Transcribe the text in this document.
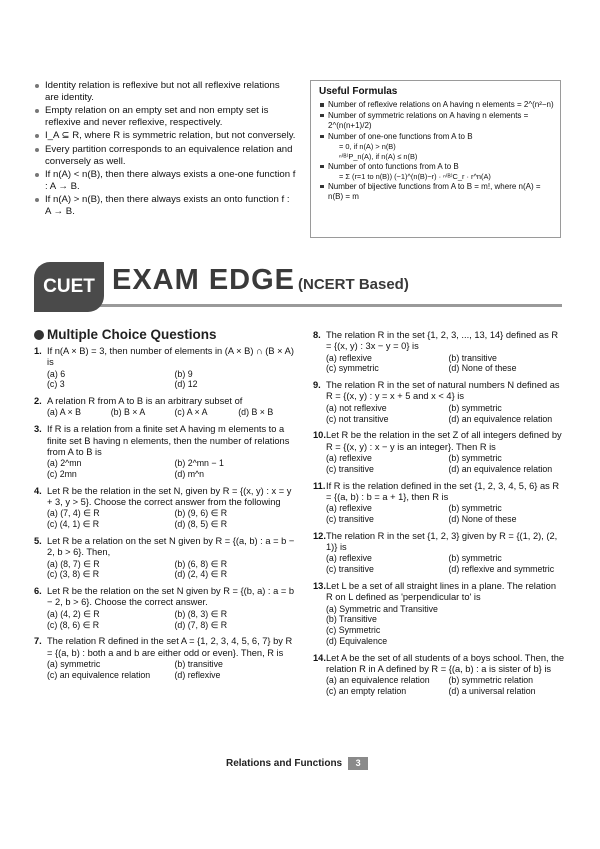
Identity relation is reflexive but not all reflexive relations are identity.
Empty relation on an empty set and non empty set is reflexive and never reflexive, respectively.
I_A ⊆ R, where R is symmetric relation, but not conversely.
Every partition corresponds to an equivalence relation and conversely as well.
If n(A) < n(B), then there always exists a one-one function f : A → B.
If n(A) > n(B), then there always exists an onto function f : A → B.
Useful Formulas
Number of reflexive relations on A having n elements = 2^(n²−n)
Number of symmetric relations on A having n elements = 2^(n(n+1)/2)
Number of one-one functions from A to B
= 0, if n(A) > n(B)
ⁿ⁽ᴮ⁾P_n(A), if n(A) ≤ n(B)
Number of onto functions from A to B
= Σ (r=1 to n(B)) (−1)^(n(B)−r) · ⁿ⁽ᴮ⁾C_r · r^n(A)
Number of bijective functions from A to B = m!, where n(A) = n(B) = m
CUET EXAM EDGE (NCERT Based)
Multiple Choice Questions
1. If n(A × B) = 3, then number of elements in (A × B) ∩ (B × A) is
(a) 6	(b) 9
(c) 3	(d) 12
2. A relation R from A to B is an arbitrary subset of
(a) A × B	(b) B × A	(c) A × A	(d) B × B
3. If R is a relation from a finite set A having m elements to a finite set B having n elements, then the number of relations from A to B is
(a) 2^mn	(b) 2^mn − 1
(c) 2mn	(d) m^n
4. Let R be the relation in the set N, given by R = {(x, y) : x = y + 3, y > 5}. Choose the correct answer from the following
(a) (7, 4) ∈ R	(b) (9, 6) ∈ R
(c) (4, 1) ∈ R	(d) (8, 5) ∈ R
5. Let R be a relation on the set N given by R = {(a, b) : a = b − 2, b > 6}. Then,
(a) (8, 7) ∈ R	(b) (6, 8) ∈ R
(c) (3, 8) ∈ R	(d) (2, 4) ∈ R
6. Let R be the relation on the set N given by R = {(b, a) : a = b − 2, b > 6}. Choose the correct answer.
(a) (4, 2) ∈ R	(b) (8, 3) ∈ R
(c) (8, 6) ∈ R	(d) (7, 8) ∈ R
7. The relation R defined in the set A = {1, 2, 3, 4, 5, 6, 7} by R = {(a, b) : both a and b are either odd or even}. Then, R is
(a) symmetric	(b) transitive
(c) an equivalence relation	(d) reflexive
8. The relation R in the set {1, 2, 3, ..., 13, 14} defined as R = {(x, y) : 3x − y = 0} is
(a) reflexive	(b) transitive
(c) symmetric	(d) None of these
9. The relation R in the set of natural numbers N defined as R = {(x, y) : y = x + 5 and x < 4} is
(a) not reflexive	(b) symmetric
(c) not transitive	(d) an equivalence relation
10. Let R be the relation in the set Z of all integers defined by R = {(x, y) : x − y is an integer}. Then R is
(a) reflexive	(b) symmetric
(c) transitive	(d) an equivalence relation
11. If R is the relation defined in the set {1, 2, 3, 4, 5, 6} as R = {(a, b) : b = a + 1}, then R is
(a) reflexive	(b) symmetric
(c) transitive	(d) None of these
12. The relation R in the set {1, 2, 3} given by R = {(1, 2), (2, 1)} is
(a) reflexive	(b) symmetric
(c) transitive	(d) reflexive and symmetric
13. Let L be a set of all straight lines in a plane. The relation R on L defined as 'perpendicular to' is
(a) Symmetric and Transitive
(b) Transitive
(c) Symmetric
(d) Equivalence
14. Let A be the set of all students of a boys school. Then, the relation R in A defined by R = {(a, b) : a is sister of b} is
(a) an equivalence relation	(b) symmetric relation
(c) an empty relation	(d) a universal relation
Relations and Functions 3
